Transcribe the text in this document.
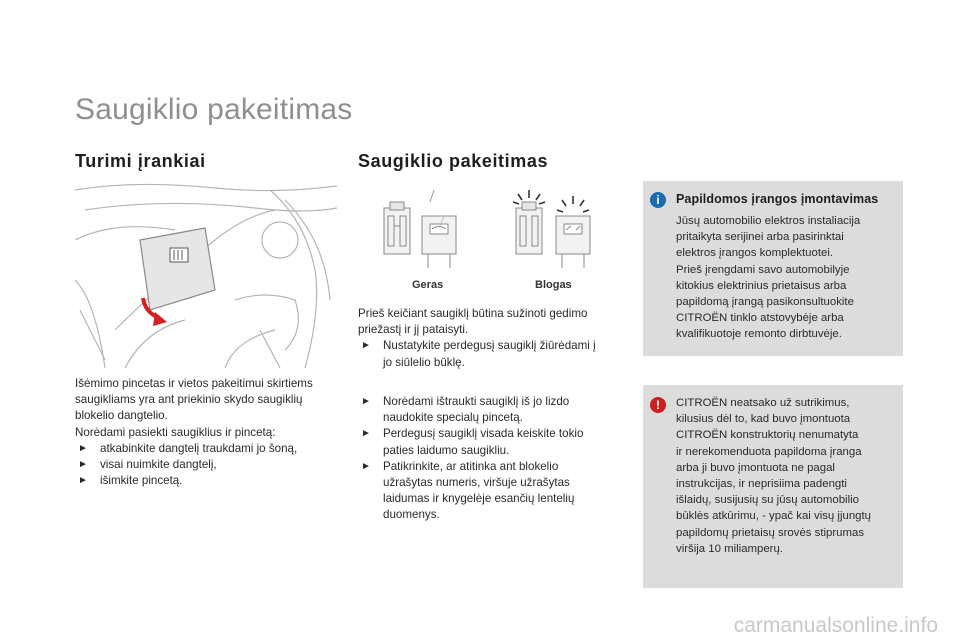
Saugiklio pakeitimas
Turimi įrankiai
Išėmimo pincetas ir vietos pakeitimui skirtiems
saugikliams yra ant priekinio skydo saugiklių
blokelio dangtelio.
Norėdami pasiekti saugiklius ir pincetą:
► atkabinkite dangtelį traukdami jo šoną,
► visai nuimkite dangtelį,
► išimkite pincetą.
Saugiklio pakeitimas
Geras	Blogas
Prieš keičiant saugiklį būtina sužinoti gedimo
priežastį ir jį pataisyti.
► Nustatykite perdegusį saugiklį žiūrėdami į
jo siūlelio būklę.
► Norėdami ištraukti saugiklį iš jo lizdo
naudokite specialų pincetą.
► Perdegusį saugiklį visada keiskite tokio
paties laidumo saugikliu.
► Patikrinkite, ar atitinka ant blokelio
užrašytas numeris, viršuje užrašytas
laidumas ir knygelėje esančių lentelių
duomenys.
i	Papildomos įrangos įmontavimas
Jūsų automobilio elektros instaliacija
pritaikyta serijinei arba pasirinktai
elektros įrangos komplektuotei.
Prieš įrengdami savo automobilyje
kitokius elektrinius prietaisus arba
papildomą įrangą pasikonsultuokite
CITROËN tinklo atstovybėje arba
kvalifikuotoje remonto dirbtuvėje.
!	CITROËN neatsako už sutrikimus,
kilusius dėl to, kad buvo įmontuota
CITROËN konstruktorių nenumatyta
ir nerekomenduota papildoma įranga
arba ji buvo įmontuota ne pagal
instrukcijas, ir neprisiima padengti
išlaidų, susijusių su jūsų automobilio
būklės atkūrimu, - ypač kai visų įjungtų
papildomų prietaisų srovės stiprumas
viršija 10 miliamperų.
carmanualsonline.info
